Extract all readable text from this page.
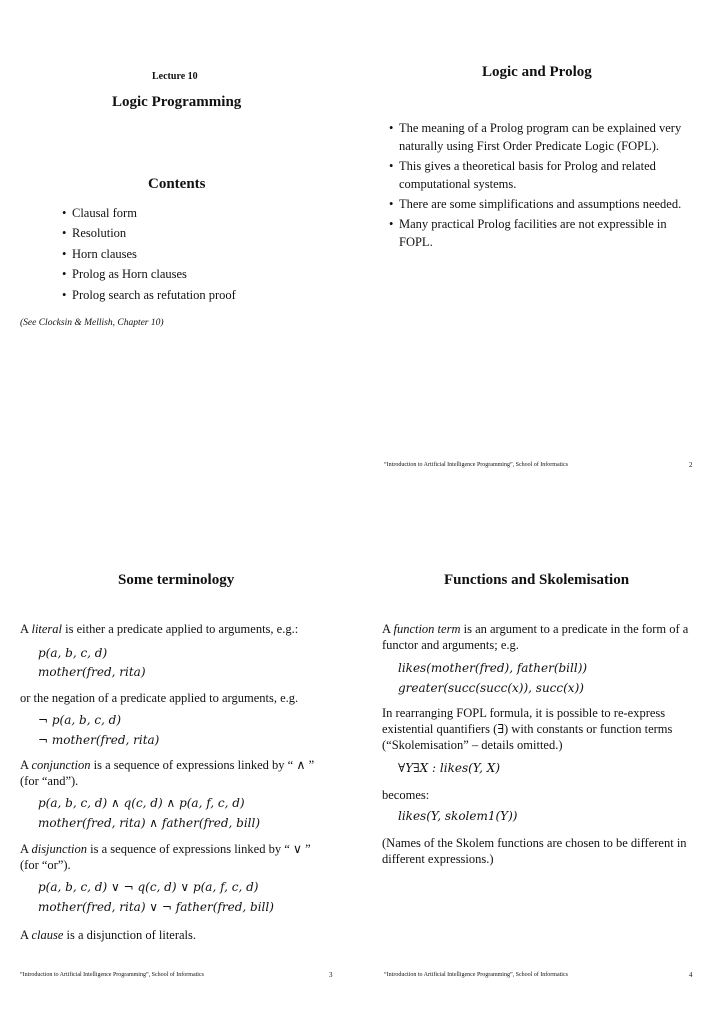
Lecture 10
Logic Programming
Contents
• Clausal form
• Resolution
• Horn clauses
• Prolog as Horn clauses
• Prolog search as refutation proof
(See Clocksin & Mellish, Chapter 10)
Logic and Prolog
• The meaning of a Prolog program can be explained very naturally using First Order Predicate Logic (FOPL).
• This gives a theoretical basis for Prolog and related computational systems.
• There are some simplifications and assumptions needed.
• Many practical Prolog facilities are not expressible in FOPL.
“Introduction to Artificial Intelligence Programming”, School of Informatics	2
Some terminology
A literal is either a predicate applied to arguments, e.g.:
p(a, b, c, d)
mother(fred, rita)
or the negation of a predicate applied to arguments, e.g.
¬ p(a, b, c, d)
¬ mother(fred, rita)
A conjunction is a sequence of expressions linked by “ ∧ ”
(for “and”).
p(a, b, c, d) ∧ q(c, d) ∧ p(a, f, c, d)
mother(fred, rita) ∧ father(fred, bill)
A disjunction is a sequence of expressions linked by “ ∨ ”
(for “or”).
p(a, b, c, d) ∨ ¬ q(c, d) ∨ p(a, f, c, d)
mother(fred, rita) ∨ ¬ father(fred, bill)
A clause is a disjunction of literals.
“Introduction to Artificial Intelligence Programming”, School of Informatics	3
Functions and Skolemisation
A function term is an argument to a predicate in the form of a
functor and arguments; e.g.
likes(mother(fred), father(bill))
greater(succ(succ(x)), succ(x))
In rearranging FOPL formula, it is possible to re-express
existential quantifiers (∃) with constants or function terms
(“Skolemisation” – details omitted.)
∀Y∃X : likes(Y, X)
becomes:
likes(Y, skolem1(Y))
(Names of the Skolem functions are chosen to be different in
different expressions.)
“Introduction to Artificial Intelligence Programming”, School of Informatics	4
